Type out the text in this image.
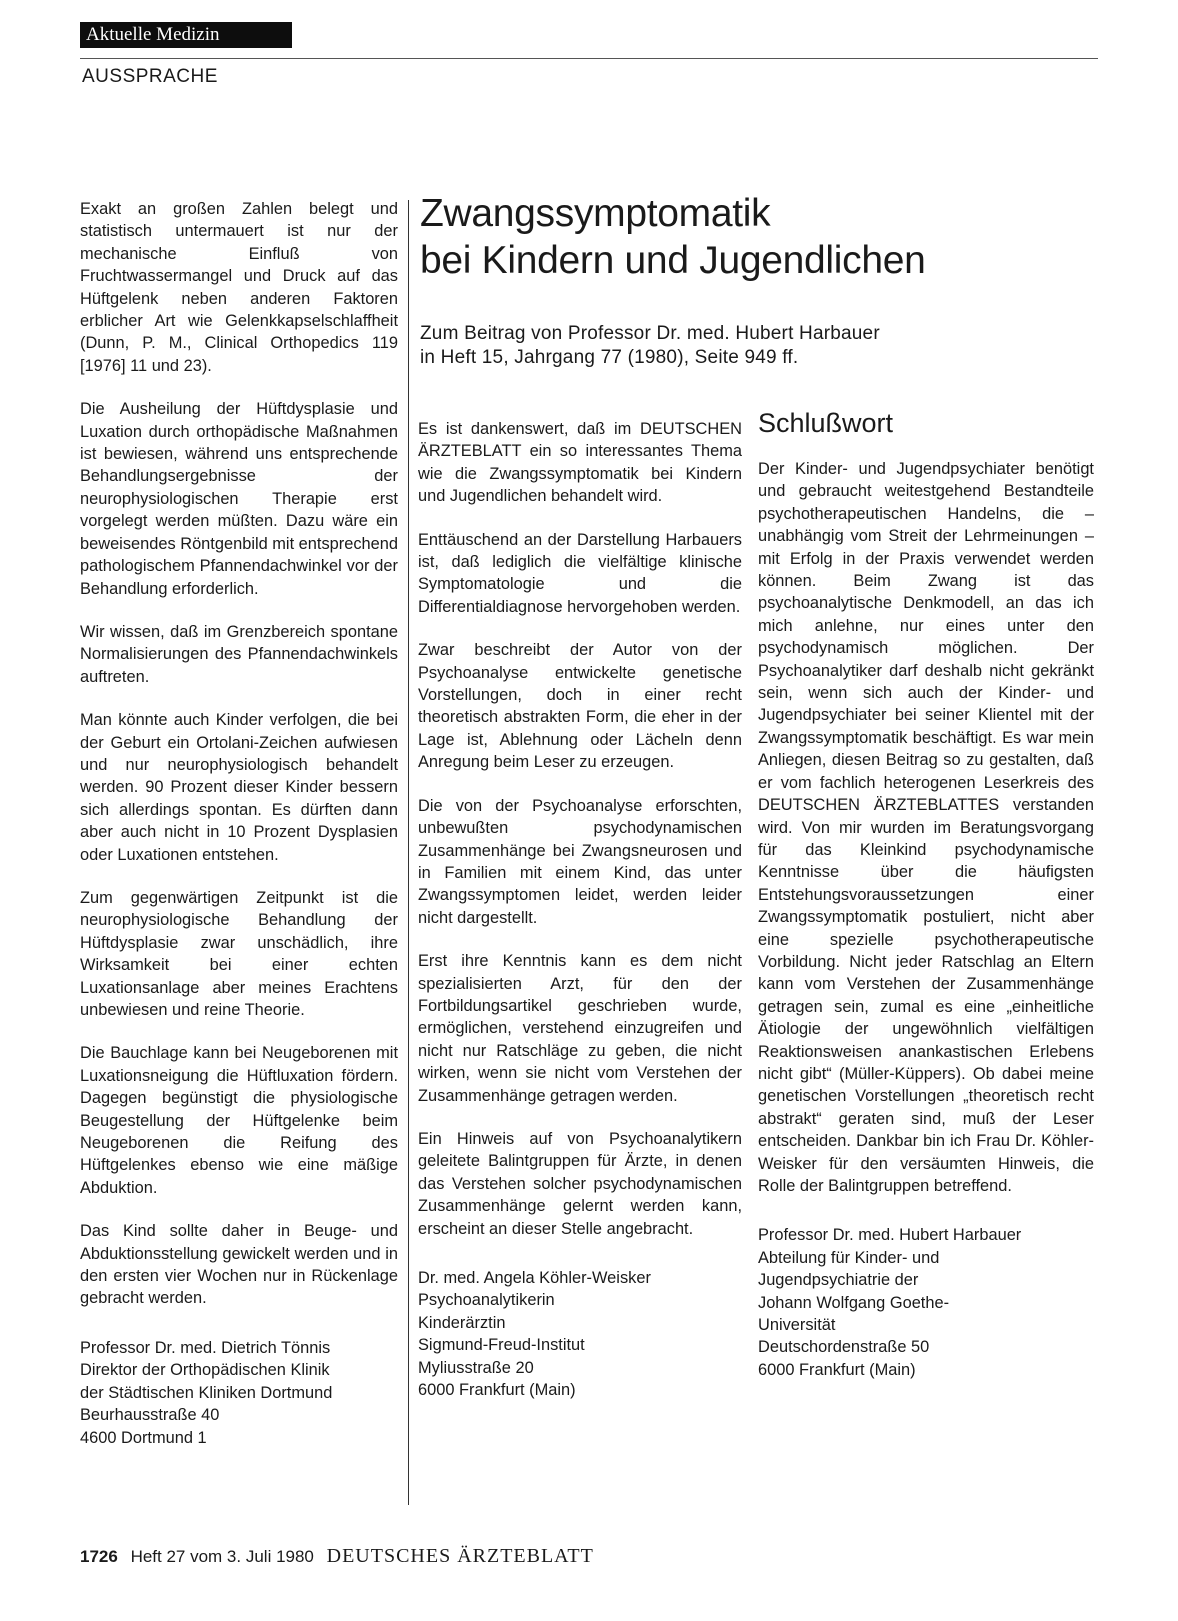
Aktuelle Medizin
AUSSPRACHE
Zwangssymptomatik
bei Kindern und Jugendlichen
Zum Beitrag von Professor Dr. med. Hubert Harbauer
in Heft 15, Jahrgang 77 (1980), Seite 949 ff.

Exakt an großen Zahlen belegt und statistisch untermauert ist nur der mechanische Einfluß von Fruchtwassermangel und Druck auf das Hüftgelenk neben anderen Faktoren erblicher Art wie Gelenkkapselschlaffheit (Dunn, P. M., Clinical Orthopedics 119 [1976] 11 und 23).

Die Ausheilung der Hüftdysplasie und Luxation durch orthopädische Maßnahmen ist bewiesen, während uns entsprechende Behandlungsergebnisse der neurophysiologischen Therapie erst vorgelegt werden müßten. Dazu wäre ein beweisendes Röntgenbild mit entsprechend pathologischem Pfannendachwinkel vor der Behandlung erforderlich.

Wir wissen, daß im Grenzbereich spontane Normalisierungen des Pfannendachwinkels auftreten.

Man könnte auch Kinder verfolgen, die bei der Geburt ein Ortolani-Zeichen aufwiesen und nur neurophysiologisch behandelt werden. 90 Prozent dieser Kinder bessern sich allerdings spontan. Es dürften dann aber auch nicht in 10 Prozent Dysplasien oder Luxationen entstehen.

Zum gegenwärtigen Zeitpunkt ist die neurophysiologische Behandlung der Hüftdysplasie zwar unschädlich, ihre Wirksamkeit bei einer echten Luxationsanlage aber meines Erachtens unbewiesen und reine Theorie.

Die Bauchlage kann bei Neugeborenen mit Luxationsneigung die Hüftluxation fördern. Dagegen begünstigt die physiologische Beugestellung der Hüftgelenke beim Neugeborenen die Reifung des Hüftgelenkes ebenso wie eine mäßige Abduktion.

Das Kind sollte daher in Beuge- und Abduktionsstellung gewickelt werden und in den ersten vier Wochen nur in Rückenlage gebracht werden.

Professor Dr. med. Dietrich Tönnis
Direktor der Orthopädischen Klinik
der Städtischen Kliniken Dortmund
Beurhausstraße 40
4600 Dortmund 1

Es ist dankenswert, daß im DEUTSCHEN ÄRZTEBLATT ein so interessantes Thema wie die Zwangssymptomatik bei Kindern und Jugendlichen behandelt wird.

Enttäuschend an der Darstellung Harbauers ist, daß lediglich die vielfältige klinische Symptomatologie und die Differentialdiagnose hervorgehoben werden.

Zwar beschreibt der Autor von der Psychoanalyse entwickelte genetische Vorstellungen, doch in einer recht theoretisch abstrakten Form, die eher in der Lage ist, Ablehnung oder Lächeln denn Anregung beim Leser zu erzeugen.

Die von der Psychoanalyse erforschten, unbewußten psychodynamischen Zusammenhänge bei Zwangsneurosen und in Familien mit einem Kind, das unter Zwangssymptomen leidet, werden leider nicht dargestellt.

Erst ihre Kenntnis kann es dem nicht spezialisierten Arzt, für den der Fortbildungsartikel geschrieben wurde, ermöglichen, verstehend einzugreifen und nicht nur Ratschläge zu geben, die nicht wirken, wenn sie nicht vom Verstehen der Zusammenhänge getragen werden.

Ein Hinweis auf von Psychoanalytikern geleitete Balintgruppen für Ärzte, in denen das Verstehen solcher psychodynamischen Zusammenhänge gelernt werden kann, erscheint an dieser Stelle angebracht.

Dr. med. Angela Köhler-Weisker
Psychoanalytikerin
Kinderärztin
Sigmund-Freud-Institut
Myliusstraße 20
6000 Frankfurt (Main)
Schlußwort

Der Kinder- und Jugendpsychiater benötigt und gebraucht weitestgehend Bestandteile psychotherapeutischen Handelns, die – unabhängig vom Streit der Lehrmeinungen – mit Erfolg in der Praxis verwendet werden können. Beim Zwang ist das psychoanalytische Denkmodell, an das ich mich anlehne, nur eines unter den psychodynamisch möglichen. Der Psychoanalytiker darf deshalb nicht gekränkt sein, wenn sich auch der Kinder- und Jugendpsychiater bei seiner Klientel mit der Zwangssymptomatik beschäftigt. Es war mein Anliegen, diesen Beitrag so zu gestalten, daß er vom fachlich heterogenen Leserkreis des DEUTSCHEN ÄRZTEBLATTES verstanden wird. Von mir wurden im Beratungsvorgang für das Kleinkind psychodynamische Kenntnisse über die häufigsten Entstehungsvoraussetzungen einer Zwangssymptomatik postuliert, nicht aber eine spezielle psychotherapeutische Vorbildung. Nicht jeder Ratschlag an Eltern kann vom Verstehen der Zusammenhänge getragen sein, zumal es eine „einheitliche Ätiologie der ungewöhnlich vielfältigen Reaktionsweisen anankastischen Erlebens nicht gibt“ (Müller-Küppers). Ob dabei meine genetischen Vorstellungen „theoretisch recht abstrakt“ geraten sind, muß der Leser entscheiden. Dankbar bin ich Frau Dr. Köhler-Weisker für den versäumten Hinweis, die Rolle der Balintgruppen betreffend.

Professor Dr. med. Hubert Harbauer
Abteilung für Kinder- und
Jugendpsychiatrie der
Johann Wolfgang Goethe-
Universität
Deutschordenstraße 50
6000 Frankfurt (Main)
1726 Heft 27 vom 3. Juli 1980 DEUTSCHES ÄRZTEBLATT
